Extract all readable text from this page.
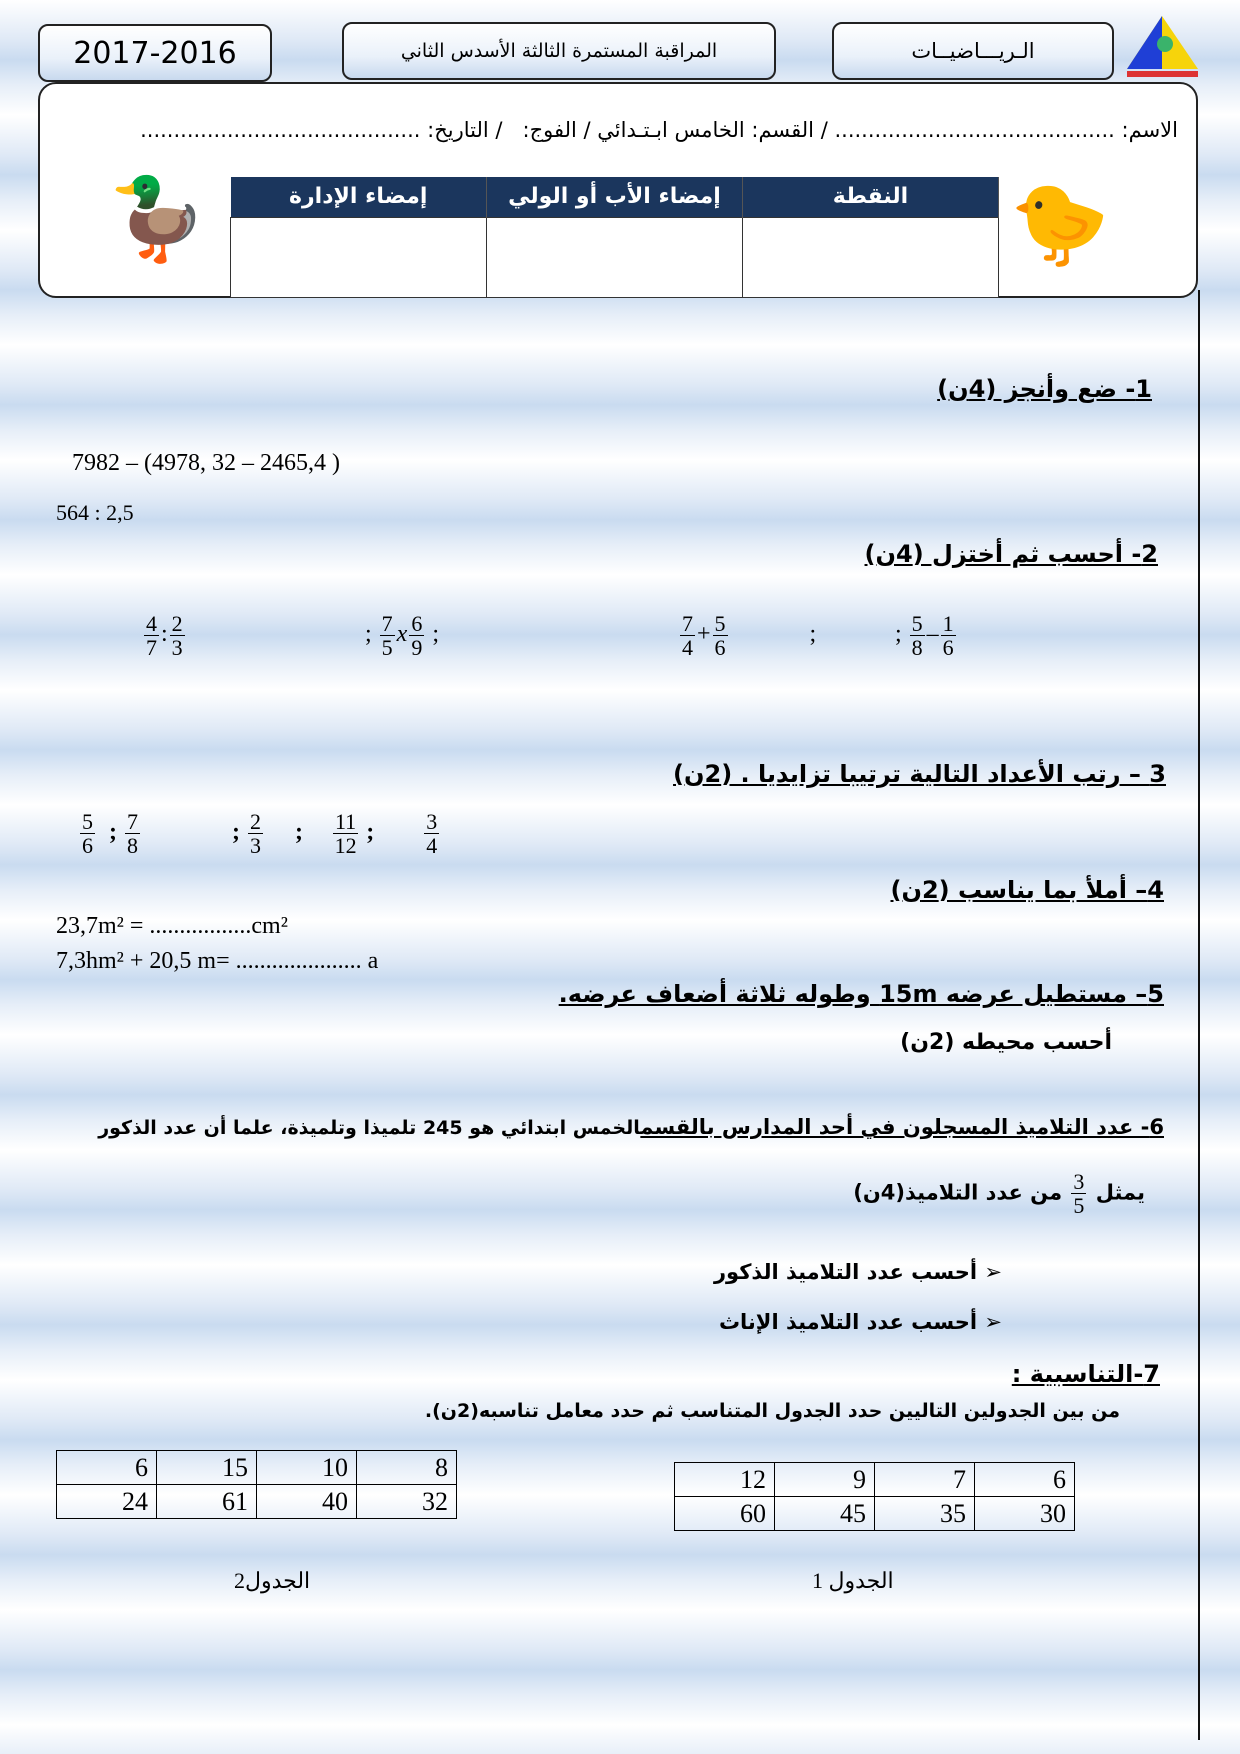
2017-2016	المراقبة المستمرة الثالثة الأسدس الثاني	الـريـــاضيــات
الاسم: .......................................... / القسم: الخامس ابـتـدائي / الفوج:   / التاريخ: ..........................................
🦆	🐤
إمضاء الإدارة	إمضاء الأب أو الولي	النقطة

1- ضع وأنجز (4ن)
7982 – (4978, 32 – 2465,4 )
564 : 2,5
2- أحسب ثم أختزل (4ن)
$\frac{4}{7}$ : $\frac{2}{3}$	; $\frac{7}{5}$ x $\frac{6}{9}$ ;	$\frac{7}{4} + \frac{5}{6}$	;	; $\frac{5}{8} - \frac{1}{6}$
3 – رتب الأعداد التالية ترتيبا تزايديا . (2ن)
$\frac{5}{6}$ ; $\frac{7}{8}$	; $\frac{2}{3}$ ; $\frac{11}{12}$ ; $\frac{3}{4}$
4– أملأ بما يناسب (2ن)
23,7m² = .................cm²
7,3hm² + 20,5 m= ..................... a
5– مستطيل عرضه 15m وطوله ثلاثة أضعاف عرضه.
أحسب محيطه (2ن)
6- عدد التلاميذ المسجلون في أحد المدارس بالقسمالخمس ابتدائي هو 245 تلميذا وتلميذة، علما أن عدد الذكور
يمثل
$\frac{3}{5}$
من عدد التلاميذ(4ن)
➢ أحسب عدد التلاميذ الذكور
➢ أحسب عدد التلاميذ الإناث
7-التناسبية :
من بين الجدولين التاليين حدد الجدول المتناسب ثم حدد معامل تناسبه(2ن).
12	9	7	6
60	45	35	30
6	15	10	8
24	61	40	32
الجدول 1
الجدول2
